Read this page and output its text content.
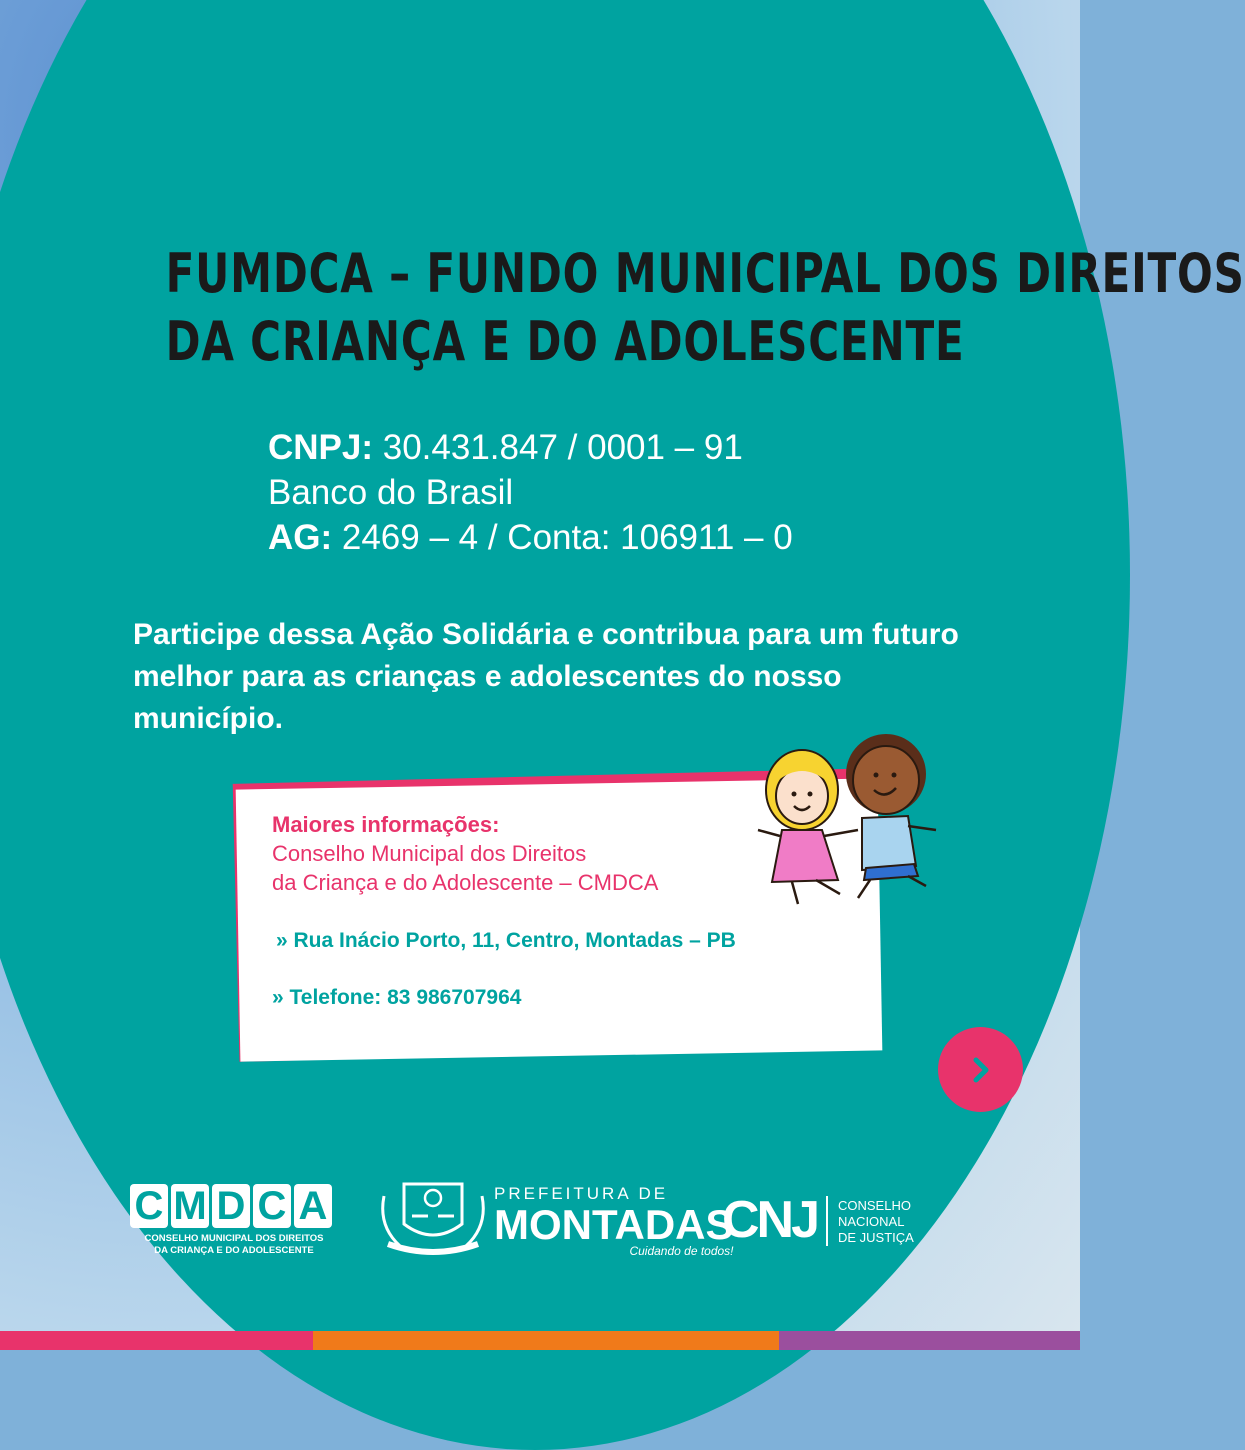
FUMDCA – FUNDO MUNICIPAL DOS DIREITOS
DA CRIANÇA E DO ADOLESCENTE
CNPJ: 30.431.847 / 0001 – 91
Banco do Brasil
AG: 2469 – 4 / Conta: 106911 – 0
Participe dessa Ação Solidária e contribua para um futuro melhor para as crianças e adolescentes do nosso município.
Maiores informações:
Conselho Municipal dos Direitos
da Criança e do Adolescente – CMDCA
» Rua Inácio Porto, 11, Centro, Montadas – PB
» Telefone: 83 986707964
C M D C A
CONSELHO MUNICIPAL DOS DIREITOS
DA CRIANÇA E DO ADOLESCENTE
PREFEITURA DE
MONTADAS
Cuidando de todos!
CNJ CONSELHO
NACIONAL
DE JUSTIÇA
